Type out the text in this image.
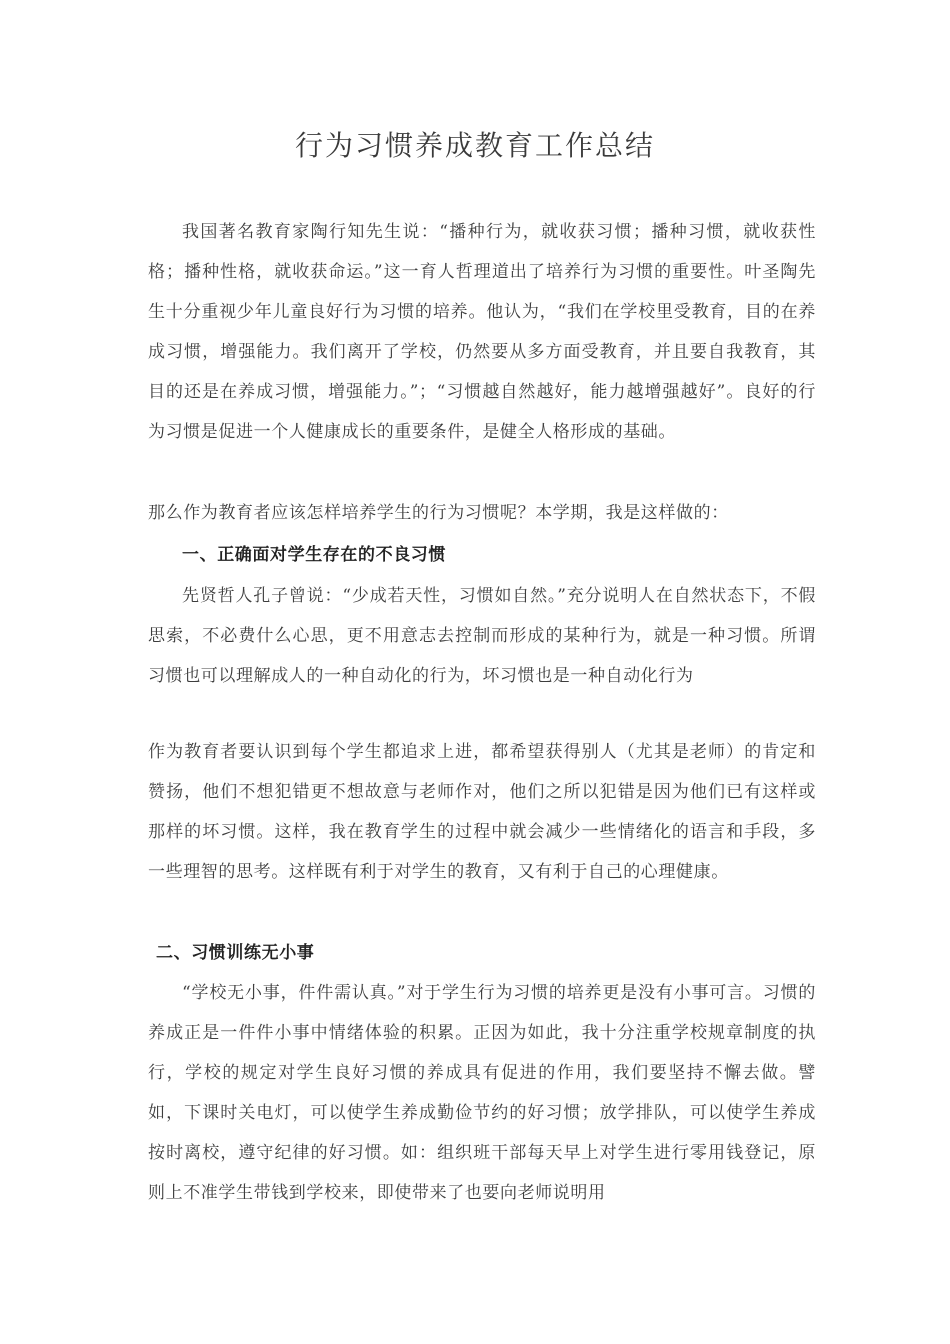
行为习惯养成教育工作总结
我国著名教育家陶行知先生说：“播种行为，就收获习惯；播种习惯，就收获性格；播种性格，就收获命运。”这一育人哲理道出了培养行为习惯的重要性。叶圣陶先生十分重视少年儿童良好行为习惯的培养。他认为，“我们在学校里受教育，目的在养成习惯，增强能力。我们离开了学校，仍然要从多方面受教育，并且要自我教育，其目的还是在养成习惯，增强能力。”；“习惯越自然越好，能力越增强越好”。良好的行为习惯是促进一个人健康成长的重要条件，是健全人格形成的基础。
那么作为教育者应该怎样培养学生的行为习惯呢？本学期，我是这样做的：
一、正确面对学生存在的不良习惯
先贤哲人孔子曾说：“少成若天性，习惯如自然。”充分说明人在自然状态下，不假思索，不必费什么心思，更不用意志去控制而形成的某种行为，就是一种习惯。所谓习惯也可以理解成人的一种自动化的行为，坏习惯也是一种自动化行为
作为教育者要认识到每个学生都追求上进，都希望获得别人（尤其是老师）的肯定和赞扬，他们不想犯错更不想故意与老师作对，他们之所以犯错是因为他们已有这样或那样的坏习惯。这样，我在教育学生的过程中就会减少一些情绪化的语言和手段，多一些理智的思考。这样既有利于对学生的教育，又有利于自己的心理健康。
二、习惯训练无小事
“学校无小事，件件需认真。”对于学生行为习惯的培养更是没有小事可言。习惯的养成正是一件件小事中情绪体验的积累。正因为如此，我十分注重学校规章制度的执行，学校的规定对学生良好习惯的养成具有促进的作用，我们要坚持不懈去做。譬如，下课时关电灯，可以使学生养成勤俭节约的好习惯；放学排队，可以使学生养成按时离校，遵守纪律的好习惯。如：组织班干部每天早上对学生进行零用钱登记，原则上不准学生带钱到学校来，即使带来了也要向老师说明用
